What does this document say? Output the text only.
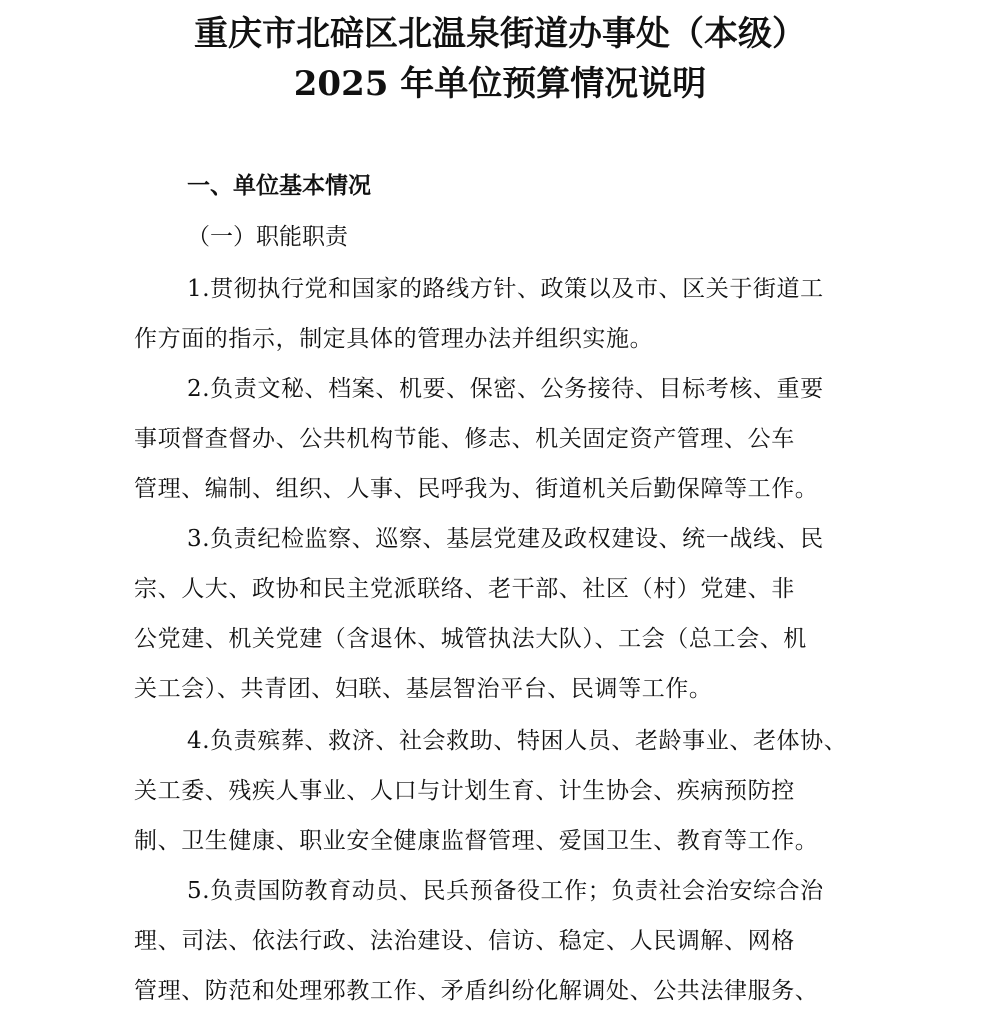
重庆市北碚区北温泉街道办事处（本级）
2025 年单位预算情况说明
一、单位基本情况
（一）职能职责
1.贯彻执行党和国家的路线方针、政策以及市、区关于街道工
作方面的指示，制定具体的管理办法并组织实施。
2.负责文秘、档案、机要、保密、公务接待、目标考核、重要
事项督查督办、公共机构节能、修志、机关固定资产管理、公车
管理、编制、组织、人事、民呼我为、街道机关后勤保障等工作。
3.负责纪检监察、巡察、基层党建及政权建设、统一战线、民
宗、人大、政协和民主党派联络、老干部、社区（村）党建、非
公党建、机关党建（含退休、城管执法大队）、工会（总工会、机
关工会）、共青团、妇联、基层智治平台、民调等工作。
4.负责殡葬、救济、社会救助、特困人员、老龄事业、老体协、
关工委、残疾人事业、人口与计划生育、计生协会、疾病预防控
制、卫生健康、职业安全健康监督管理、爱国卫生、教育等工作。
5.负责国防教育动员、民兵预备役工作；负责社会治安综合治
理、司法、依法行政、法治建设、信访、稳定、人民调解、网格
管理、防范和处理邪教工作、矛盾纠纷化解调处、公共法律服务、
